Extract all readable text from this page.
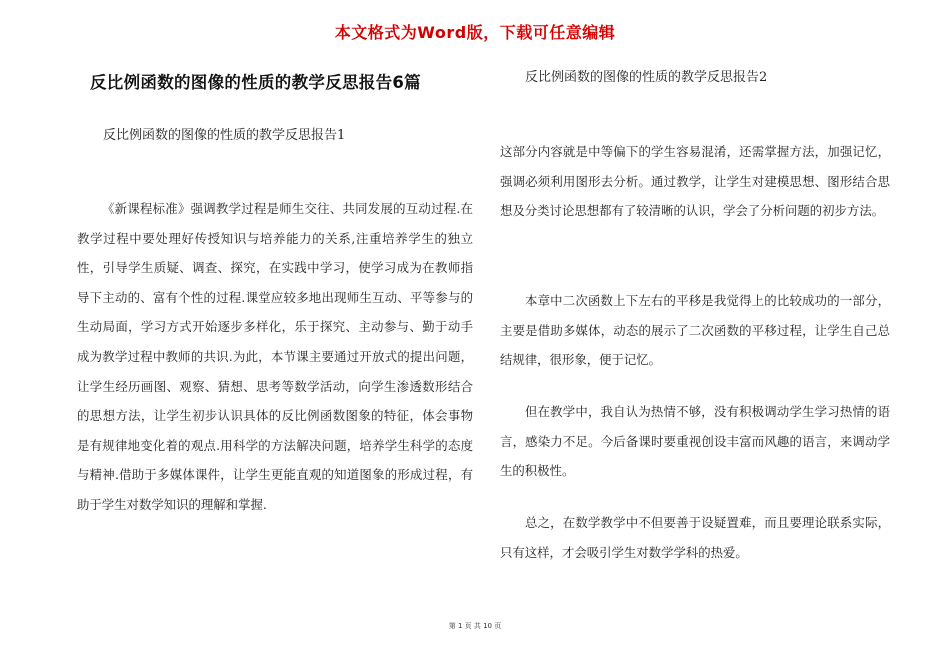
本文格式为Word版，下载可任意编辑
反比例函数的图像的性质的教学反思报告6篇
反比例函数的图像的性质的教学反思报告1

《新课程标准》强调教学过程是师生交往、共同发展的互动过程.在教学过程中要处理好传授知识与培养能力的关系,注重培养学生的独立性，引导学生质疑、调查、探究，在实践中学习，使学习成为在教师指导下主动的、富有个性的过程.课堂应较多地出现师生互动、平等参与的生动局面，学习方式开始逐步多样化，乐于探究、主动参与、勤于动手成为教学过程中教师的共识.为此，本节课主要通过开放式的提出问题，让学生经历画图、观察、猜想、思考等数学活动，向学生渗透数形结合的思想方法，让学生初步认识具体的反比例函数图象的特征，体会事物是有规律地变化着的观点.用科学的方法解决问题，培养学生科学的态度与精神.借助于多媒体课件，让学生更能直观的知道图象的形成过程，有助于学生对数学知识的理解和掌握.

反比例函数的图像的性质的教学反思报告2

这部分内容就是中等偏下的学生容易混淆，还需掌握方法，加强记忆，强调必须利用图形去分析。通过教学，让学生对建模思想、图形结合思想及分类讨论思想都有了较清晰的认识，学会了分析问题的初步方法。

本章中二次函数上下左右的平移是我觉得上的比较成功的一部分，主要是借助多媒体，动态的展示了二次函数的平移过程，让学生自己总结规律，很形象，便于记忆。

但在教学中，我自认为热情不够，没有积极调动学生学习热情的语言，感染力不足。今后备课时要重视创设丰富而风趣的语言，来调动学生的积极性。

总之，在数学教学中不但要善于设疑置难，而且要理论联系实际，只有这样，才会吸引学生对数学学科的热爱。

第 1 页 共 10 页
